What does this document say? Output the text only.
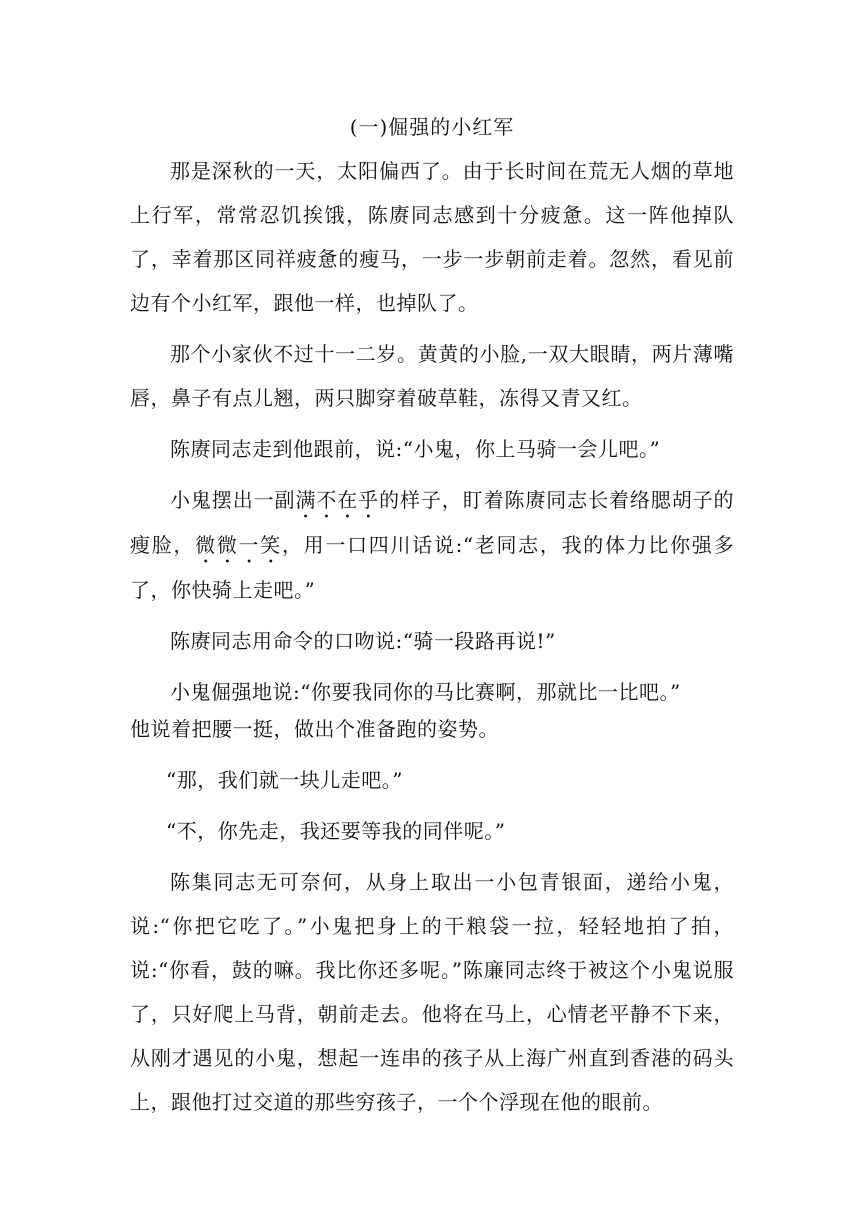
(一)倔强的小红军

那是深秋的一天，太阳偏西了。由于长时间在荒无人烟的草地上行军，常常忍饥挨饿，陈赓同志感到十分疲惫。这一阵他掉队了，幸着那区同祥疲惫的瘦马，一步一步朝前走着。忽然，看见前边有个小红军，跟他一样，也掉队了。

那个小家伙不过十一二岁。黄黄的小脸,一双大眼睛，两片薄嘴唇，鼻子有点儿翘，两只脚穿着破草鞋，冻得又青又红。

陈赓同志走到他跟前，说:“小鬼，你上马骑一会儿吧。”

小鬼摆出一副满不在乎的样子，盯着陈赓同志长着络腮胡子的瘦脸，微微一笑，用一口四川话说:“老同志，我的体力比你强多了，你快骑上走吧。”

陈赓同志用命令的口吻说:“骑一段路再说!”

小鬼倔强地说:“你要我同你的马比赛啊，那就比一比吧。”

他说着把腰一挺，做出个准备跑的姿势。

“那，我们就一块儿走吧。”

“不，你先走，我还要等我的同伴呢。”

陈集同志无可奈何，从身上取出一小包青银面，递给小鬼，说:“你把它吃了。”小鬼把身上的干粮袋一拉，轻轻地拍了拍，说:“你看，鼓的嘛。我比你还多呢。”陈廉同志终于被这个小鬼说服了，只好爬上马背，朝前走去。他将在马上，心情老平静不下来，从刚才遇见的小鬼，想起一连串的孩子从上海广州直到香港的码头上，跟他打过交道的那些穷孩子，一个个浮现在他的眼前。
